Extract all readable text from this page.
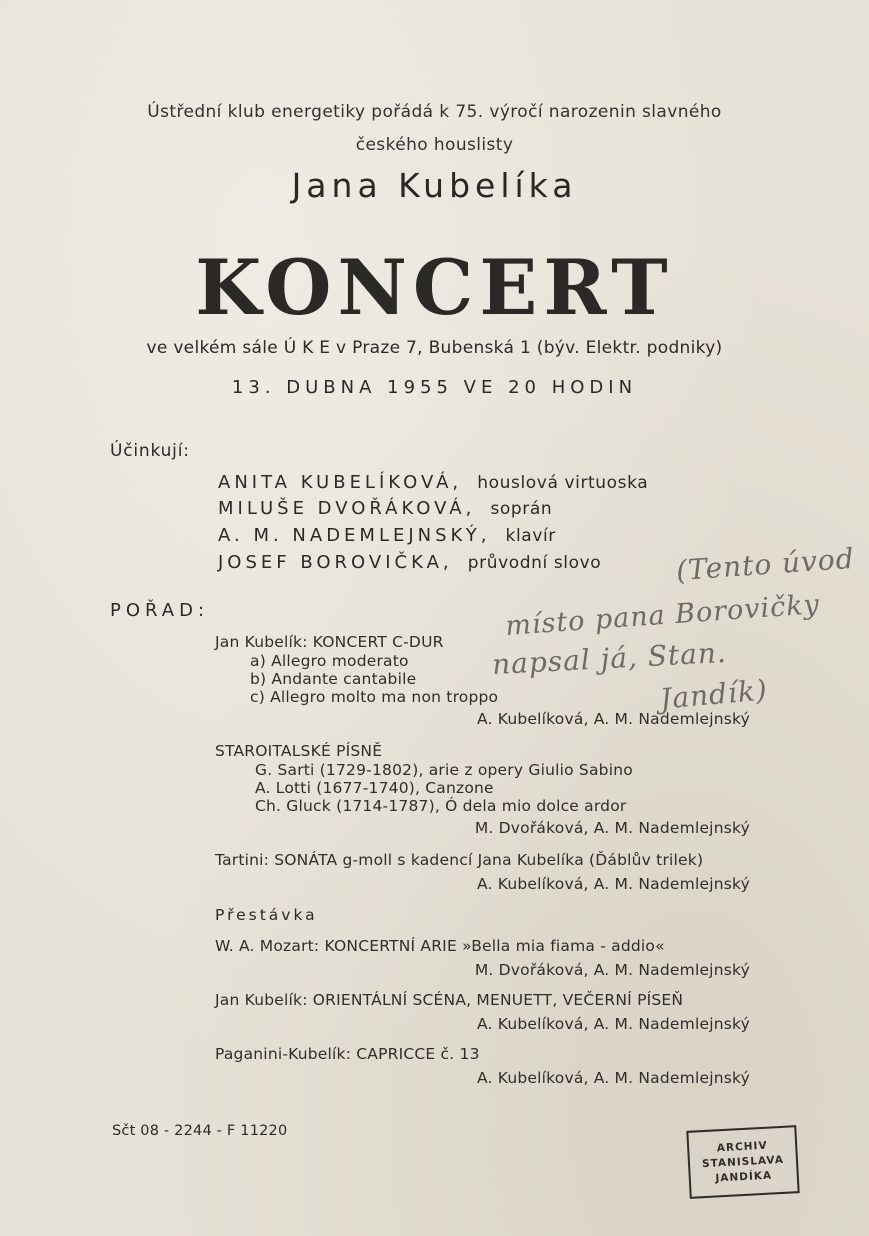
Ústřední klub energetiky pořádá k 75. výročí narozenin slavného
českého houslisty
Jana Kubelíka
KONCERT
ve velkém sále Ú K E v Praze 7, Bubenská 1 (býv. Elektr. podniky)
13. DUBNA 1955 VE 20 HODIN
Účinkují:
ANITA KUBELÍKOVÁ, houslová virtuoska
MILUŠE DVOŘÁKOVÁ, soprán
A. M. NADEMLEJNSKÝ, klavír
JOSEF BOROVIČKA, průvodní slovo
POŘAD:
Jan Kubelík: KONCERT C-DUR
a) Allegro moderato
b) Andante cantabile
c) Allegro molto ma non troppo
A. Kubelíková, A. M. Nademlejnský
STAROITALSKÉ PÍSNĚ
G. Sarti (1729-1802), arie z opery Giulio Sabino
A. Lotti (1677-1740), Canzone
Ch. Gluck (1714-1787), Ó dela mio dolce ardor
M. Dvořáková, A. M. Nademlejnský
Tartini: SONÁTA g-moll s kadencí Jana Kubelíka (Ďáblův trilek)
A. Kubelíková, A. M. Nademlejnský
Přestávka
W. A. Mozart: KONCERTNÍ ARIE »Bella mia fiama - addio«
M. Dvořáková, A. M. Nademlejnský
Jan Kubelík: ORIENTÁLNÍ SCÉNA, MENUETT, VEČERNÍ PÍSEŇ
A. Kubelíková, A. M. Nademlejnský
Paganini-Kubelík: CAPRICCE č. 13
A. Kubelíková, A. M. Nademlejnský
Sčt 08 - 2244 - F 11220
(Tento úvod
místo pana Borovičky
napsal já, Stan.
Jandík)
ARCHIV
STANISLAVA
JANDÍKA
